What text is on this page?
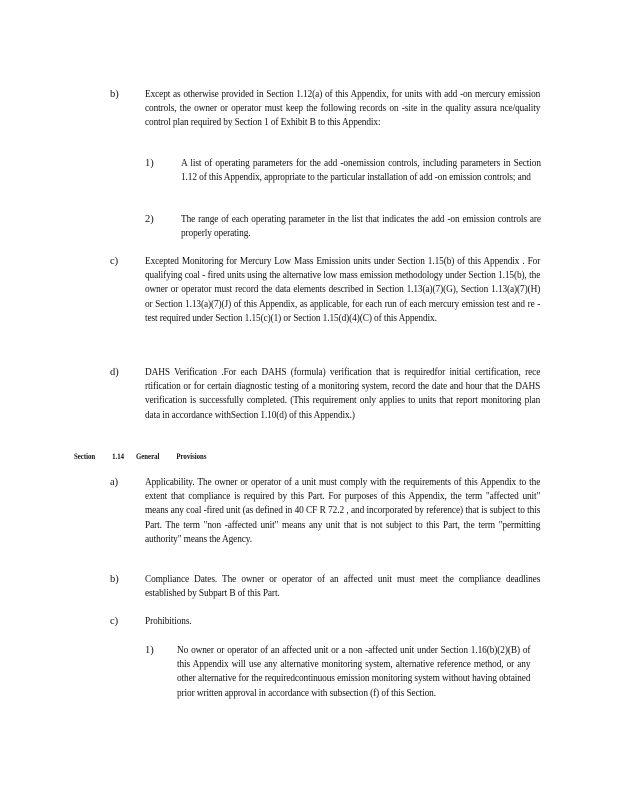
b)	Except as otherwise provided in Section 1.12(a) of this Appendix, for units with add -on mercury emission controls, the owner or operator must keep the following records on -site in the quality assura nce/quality control plan required by Section 1 of Exhibit B to this Appendix:
1)	A list of operating parameters for the add -onemission controls, including parameters in Section 1.12 of this Appendix, appropriate to the particular installation of add -on emission controls; and
2)	The range of each operating parameter in the list that indicates the add -on emission controls are properly operating.
c)	Excepted Monitoring for Mercury Low Mass Emission units under Section 1.15(b) of this Appendix . For qualifying coal - fired units using the alternative low mass emission methodology under Section 1.15(b), the owner or operator must record the data elements described in Section 1.13(a)(7)(G), Section 1.13(a)(7)(H) or Section 1.13(a)(7)(J) of this Appendix, as applicable, for each run of each mercury emission test and re -test required under Section 1.15(c)(1) or Section 1.15(d)(4)(C) of this Appendix.
d)	DAHS Verification .For each DAHS (formula) verification that is requiredfor initial certification, rece rtification or for certain diagnostic testing of a monitoring system, record the date and hour that the DAHS verification is successfully completed. (This requirement only applies to units that report monitoring plan data in accordance withSection 1.10(d) of this Appendix.)
Section 1.14 General Provisions
a)	Applicability. The owner or operator of a unit must comply with the requirements of this Appendix to the extent that compliance is required by this Part. For purposes of this Appendix, the term "affected unit" means any coal -fired unit (as defined in 40 CF R 72.2 , and incorporated by reference) that is subject to this Part. The term "non -affected unit" means any unit that is not subject to this Part, the term "permitting authority" means the Agency.
b)	Compliance Dates. The owner or operator of an affected unit must meet the compliance deadlines established by Subpart B of this Part.
c)	Prohibitions.
1) No owner or operator of an affected unit or a non -affected unit under Section 1.16(b)(2)(B) of this Appendix will use any alternative monitoring system, alternative reference method, or any other alternative for the requiredcontinuous emission monitoring system without having obtained prior written approval in accordance with subsection (f) of this Section.
